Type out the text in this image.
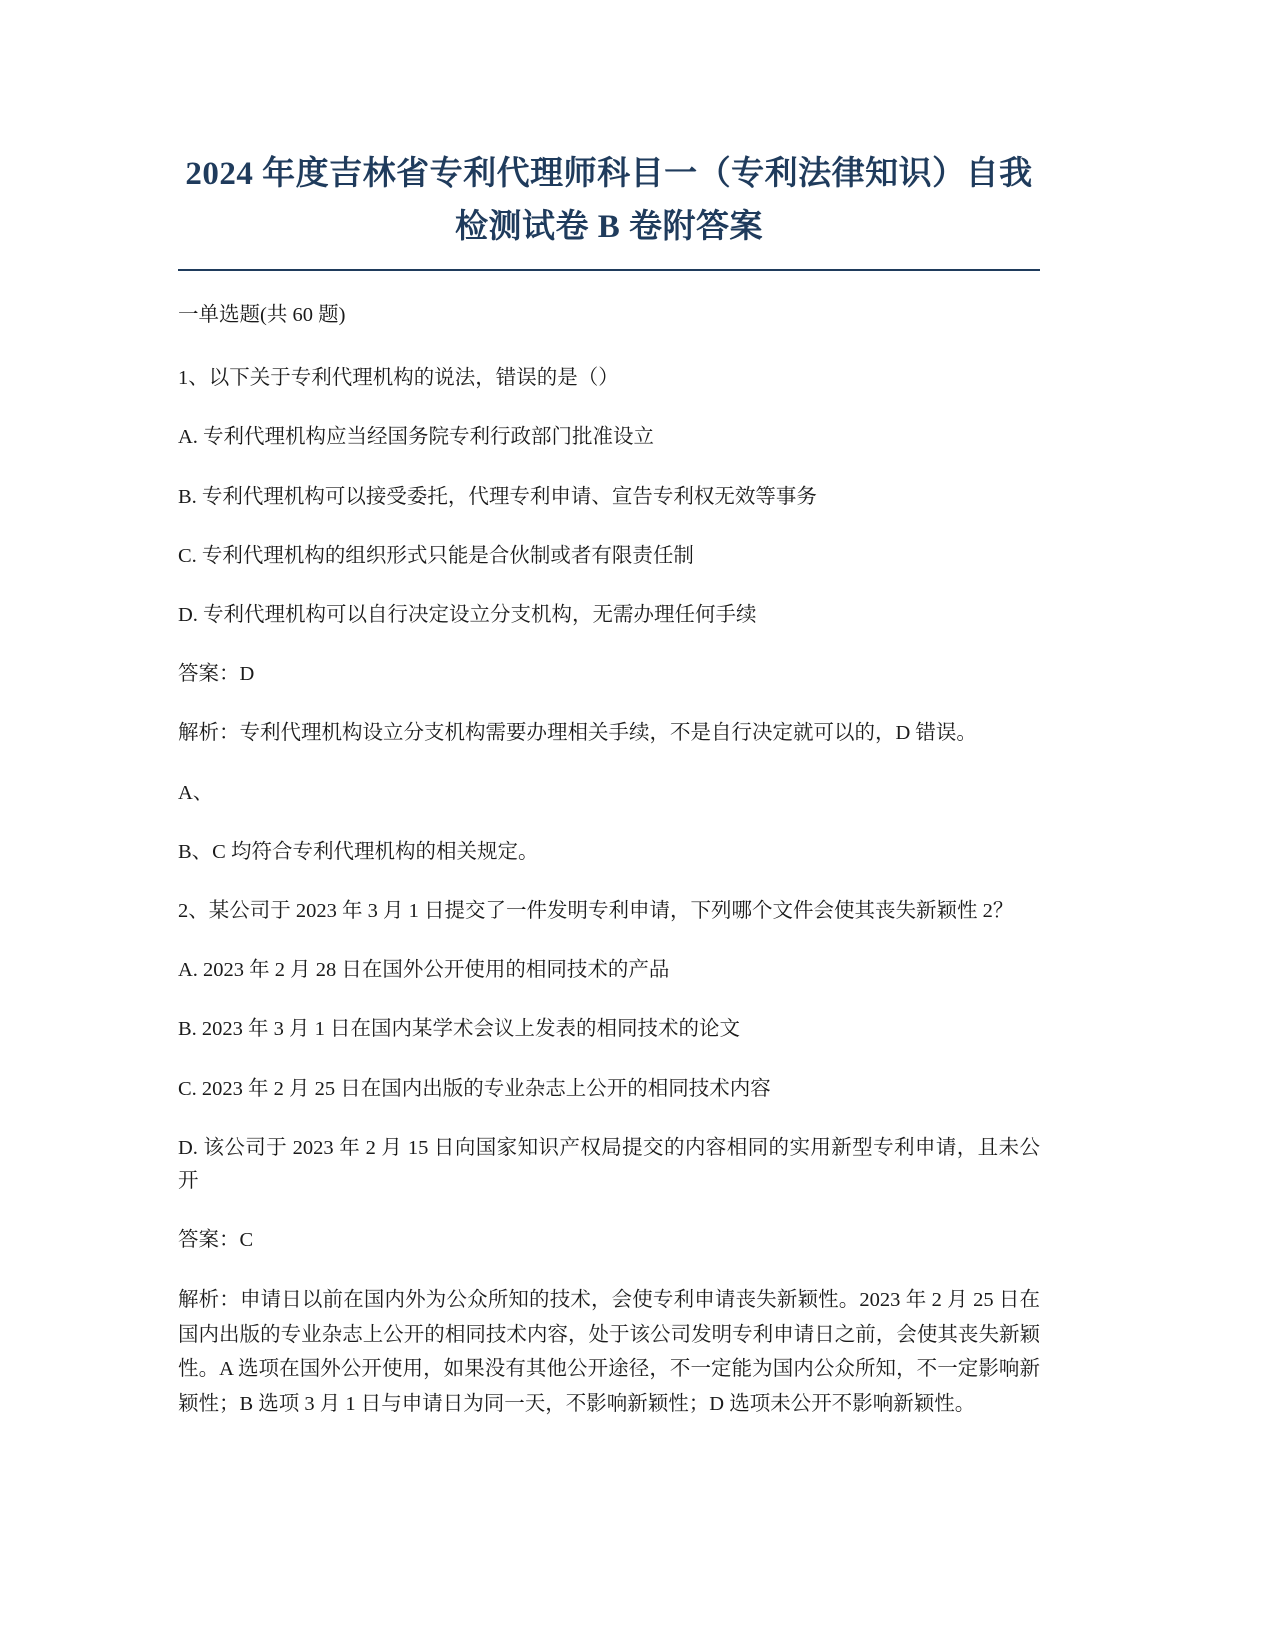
2024 年度吉林省专利代理师科目一（专利法律知识）自我检测试卷 B 卷附答案

一单选题(共 60 题)

1、以下关于专利代理机构的说法，错误的是（）

A. 专利代理机构应当经国务院专利行政部门批准设立

B. 专利代理机构可以接受委托，代理专利申请、宣告专利权无效等事务

C. 专利代理机构的组织形式只能是合伙制或者有限责任制

D. 专利代理机构可以自行决定设立分支机构，无需办理任何手续

答案：D

解析：专利代理机构设立分支机构需要办理相关手续，不是自行决定就可以的，D 错误。

A、

B、C 均符合专利代理机构的相关规定。

2、某公司于 2023 年 3 月 1 日提交了一件发明专利申请，下列哪个文件会使其丧失新颖性 2？

A. 2023 年 2 月 28 日在国外公开使用的相同技术的产品

B. 2023 年 3 月 1 日在国内某学术会议上发表的相同技术的论文

C. 2023 年 2 月 25 日在国内出版的专业杂志上公开的相同技术内容

D. 该公司于 2023 年 2 月 15 日向国家知识产权局提交的内容相同的实用新型专利申请，且未公开

答案：C

解析：申请日以前在国内外为公众所知的技术，会使专利申请丧失新颖性。2023 年 2 月 25 日在国内出版的专业杂志上公开的相同技术内容，处于该公司发明专利申请日之前，会使其丧失新颖性。A 选项在国外公开使用，如果没有其他公开途径，不一定能为国内公众所知，不一定影响新颖性；B 选项 3 月 1 日与申请日为同一天，不影响新颖性；D 选项未公开不影响新颖性。
